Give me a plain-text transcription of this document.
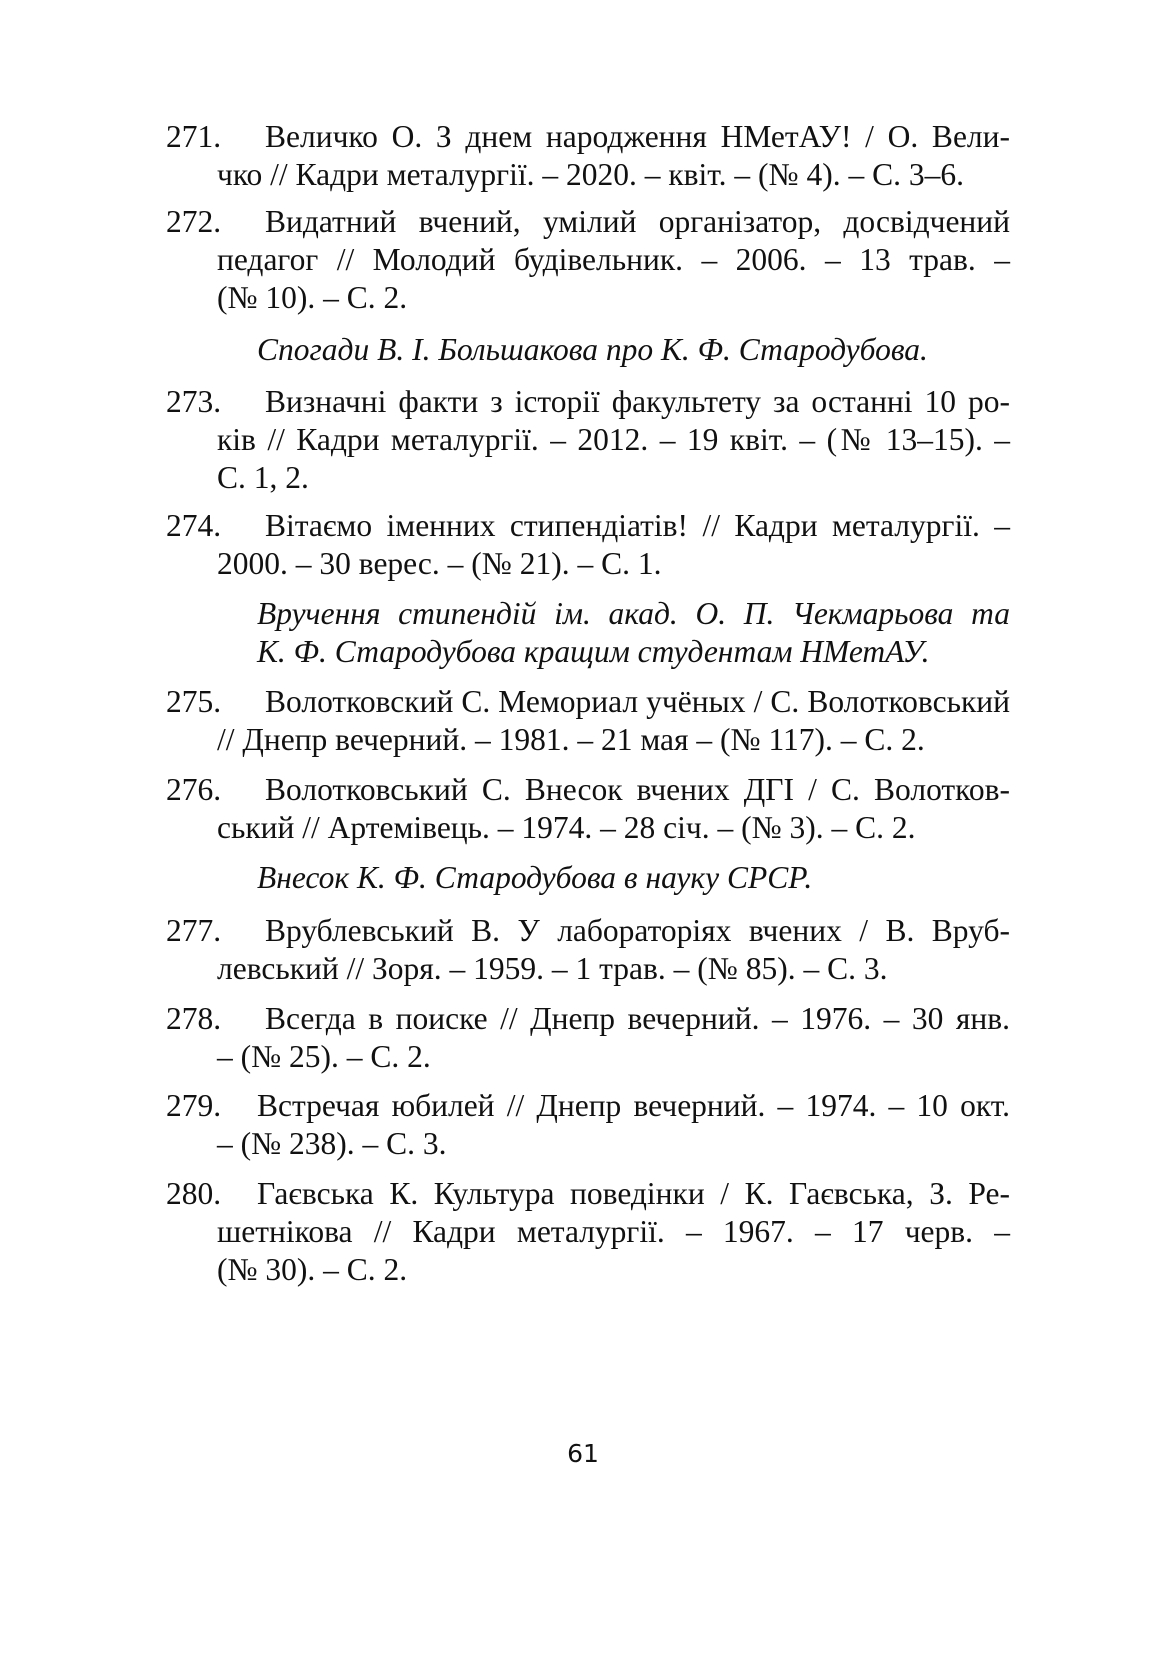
271.	Величко О. З днем народження НМетАУ! / О. Вели-
чко // Кадри металургії. – 2020. – квіт. – (№ 4). – С. 3–6.
272.	Видатний вчений, умілий організатор, досвідчений
педагог // Молодий будівельник. – 2006. – 13 трав. –
(№ 10). – С. 2.
Спогади В. І. Большакова про К. Ф. Стародубова.
273.	Визначні факти з історії факультету за останні 10 ро-
ків // Кадри металургії. – 2012. – 19 квіт. – (№ 13–15). –
С. 1, 2.
274.	Вітаємо іменних стипендіатів! // Кадри металургії. –
2000. – 30 верес. – (№ 21). – С. 1.
Вручення стипендій ім. акад. О. П. Чекмарьова та
К. Ф. Стародубова кращим студентам НМетАУ.
275.	Волотковский С. Мемориал учёных / С. Волотковський
// Днепр вечерний. – 1981. – 21 мая – (№ 117). – С. 2.
276.	Волотковський С. Внесок вчених ДГІ / С. Волотков-
ський // Артемівець. – 1974. – 28 січ. – (№ 3). – С. 2.
Внесок К. Ф. Стародубова в науку СРСР.
277.	Врублевський В. У лабораторіях вчених / В. Вруб-
левський // Зоря. – 1959. – 1 трав. – (№ 85). – С. 3.
278.	Всегда в поиске // Днепр вечерний. – 1976. – 30 янв.
– (№ 25). – С. 2.
279.	Встречая юбилей // Днепр вечерний. – 1974. – 10 окт.
– (№ 238). – С. 3.
280.	Гаєвська К. Культура поведінки / К. Гаєвська, З. Ре-
шетнікова // Кадри металургії. – 1967. – 17 черв. –
(№ 30). – С. 2.
61
